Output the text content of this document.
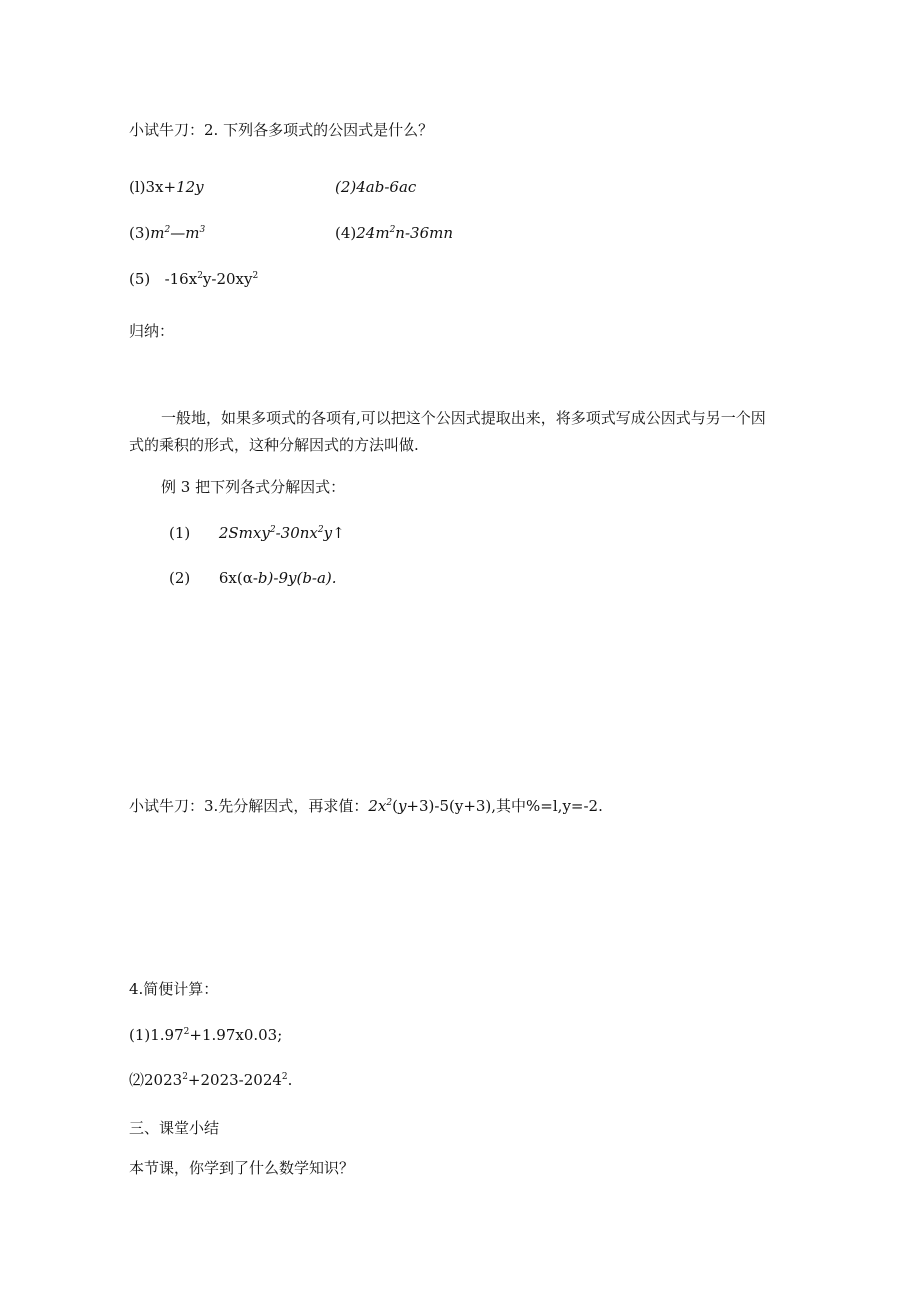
小试牛刀：2. 下列各多项式的公因式是什么？
(l)3x+12y	(2)4ab-6ac
$(3)m^2—m^3$	$(4)24m^2n-36mn$
(5) $-16x^2y-20xy^2$
归纳：
一般地，如果多项式的各项有,可以把这个公因式提取出来，将多项式写成公因式与另一个因
式的乘积的形式，这种分解因式的方法叫做.
例 3 把下列各式分解因式：
(1) $2Smxy^2-30nx^2y↑$
(2) 6x(α-b)-9y(b-a).
小试牛刀：3.先分解因式，再求值：$2x^2(y+3)-5(y+3)$,其中%=l,y=-2.
4.简便计算：
$(1)1.97^2+1.97x0.03$;
$⑵2023^2+2023-2024^2$.
三、课堂小结
本节课，你学到了什么数学知识？
